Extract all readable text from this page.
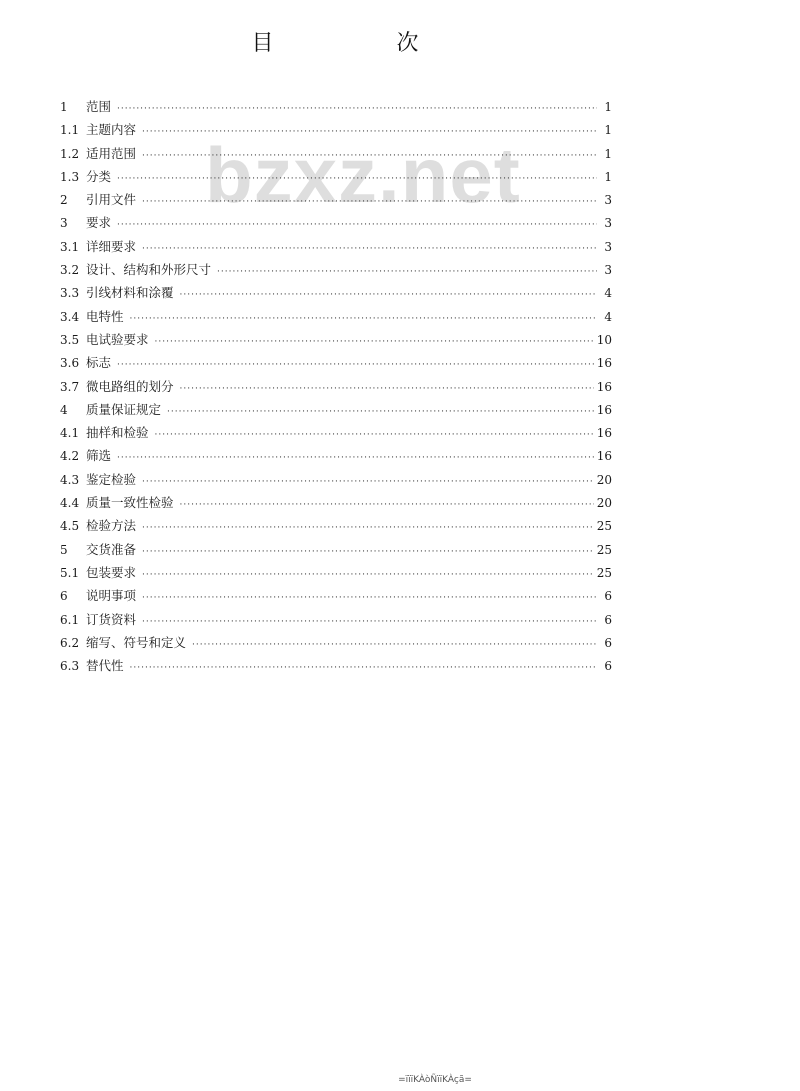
目 次
bzxz.net
1	范围 ·····	1
1.1 主题内容 ·····	1
1.2 适用范围 ·····	1
1.3 分类 ·····	1
2	引用文件 ·····	3
3	要求 ·····	3
3.1 详细要求 ·····	3
3.2 设计、结构和外形尺寸 ·····	3
3.3 引线材料和涂覆 ·····	4
3.4 电特性 ·····	4
3.5 电试验要求 ·····	10
3.6 标志 ·····	16
3.7 微电路组的划分 ·····	16
4	质量保证规定 ·····	16
4.1 抽样和检验 ·····	16
4.2 筛选 ·····	16
4.3 鉴定检验 ·····	20
4.4 质量一致性检验 ·····	20
4.5 检验方法 ·····	25
5	交货准备 ·····	25
5.1 包装要求 ·····	25
6	说明事项 ·····	6
6.1 订货资料 ·····	6
6.2 缩写、符号和定义 ·····	6
6.3 替代性 ·····	6
=ïïïKÀòÑïïKÀçã=
